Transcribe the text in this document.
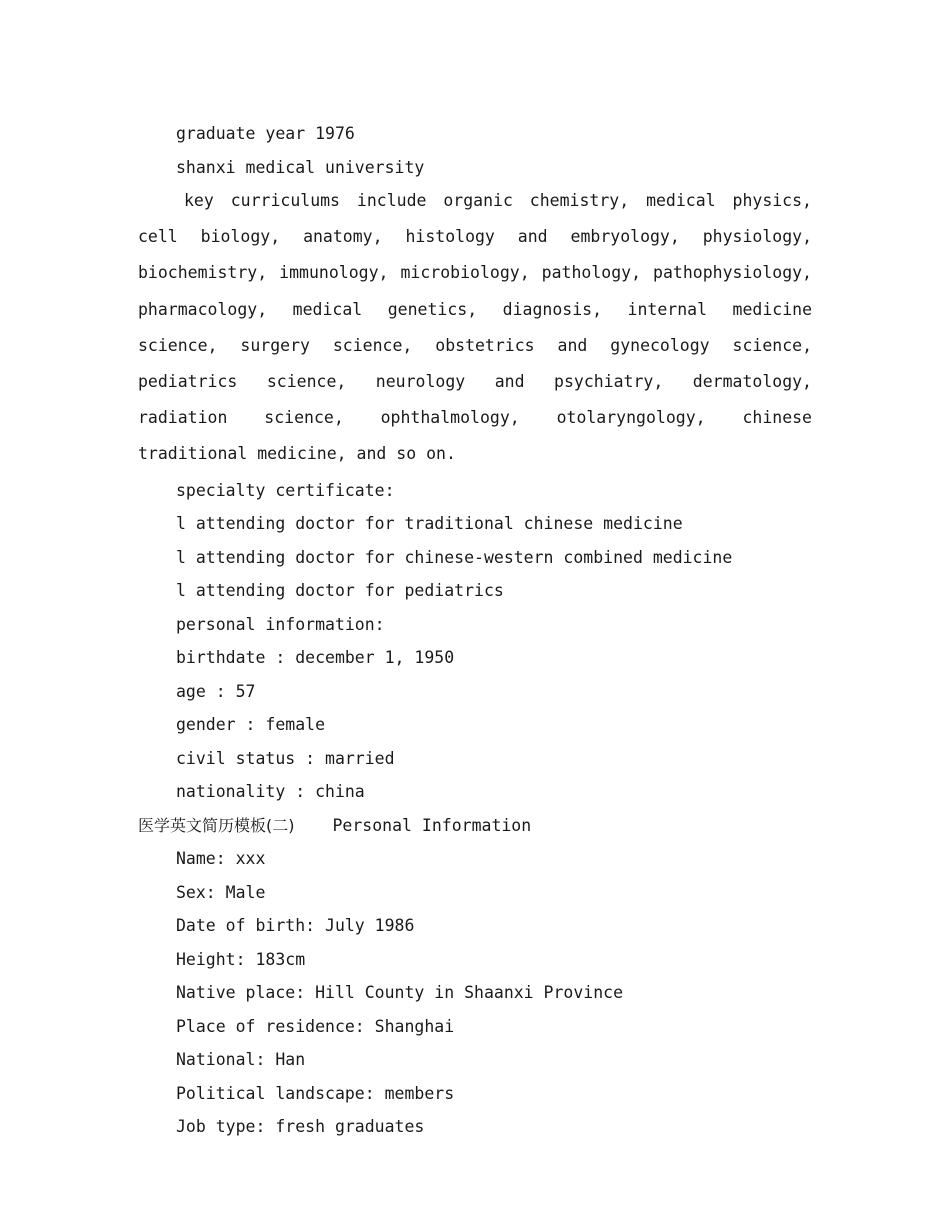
graduate year 1976
shanxi medical university

key curriculums include organic chemistry, medical physics, cell biology, anatomy, histology and embryology, physiology, biochemistry, immunology, microbiology, pathology, pathophysiology, pharmacology, medical genetics, diagnosis, internal medicine science, surgery science, obstetrics and gynecology science, pediatrics science, neurology and psychiatry, dermatology, radiation science, ophthalmology, otolaryngology, chinese traditional medicine, and so on.

specialty certificate:
l attending doctor for traditional chinese medicine
l attending doctor for chinese-western combined medicine
l attending doctor for pediatrics
personal information:
birthdate : december 1, 1950
age : 57
gender : female
civil status : married
nationality : china
医学英文简历模板(二) Personal Information
Name: xxx
Sex: Male
Date of birth: July 1986
Height: 183cm
Native place: Hill County in Shaanxi Province
Place of residence: Shanghai
National: Han
Political landscape: members
Job type: fresh graduates
